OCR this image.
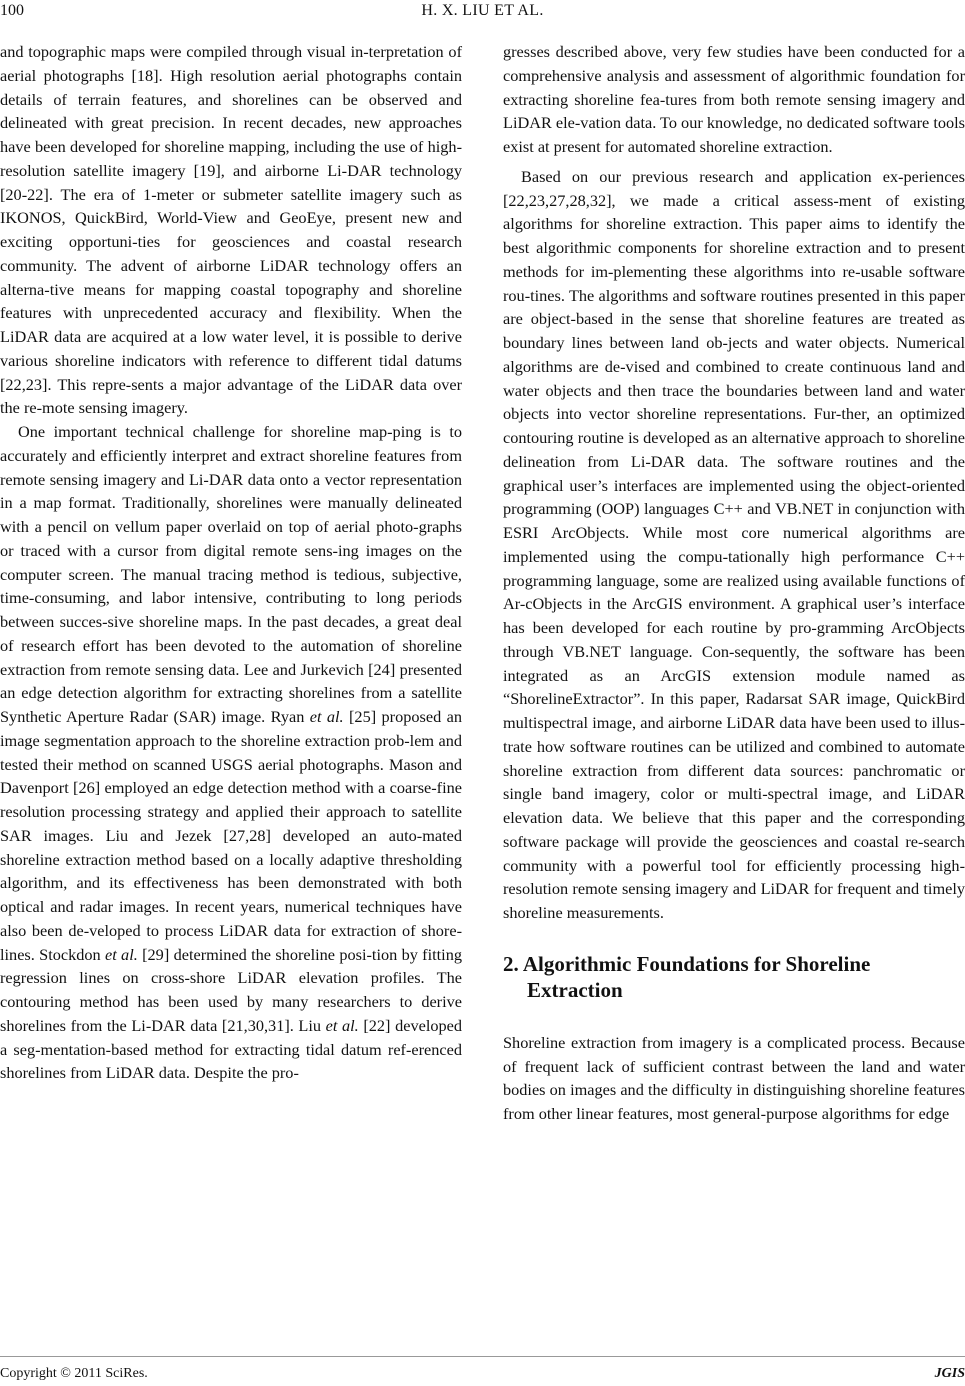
100	H. X. LIU ET AL.

and topographic maps were compiled through visual in-terpretation of aerial photographs [18]. High resolution aerial photographs contain details of terrain features, and shorelines can be observed and delineated with great precision. In recent decades, new approaches have been developed for shoreline mapping, including the use of high-resolution satellite imagery [19], and airborne Li-DAR technology [20-22]. The era of 1-meter or submeter satellite imagery such as IKONOS, QuickBird, World-View and GeoEye, present new and exciting opportuni-ties for geosciences and coastal research community. The advent of airborne LiDAR technology offers an alterna-tive means for mapping coastal topography and shoreline features with unprecedented accuracy and flexibility. When the LiDAR data are acquired at a low water level, it is possible to derive various shoreline indicators with reference to different tidal datums [22,23]. This repre-sents a major advantage of the LiDAR data over the re-mote sensing imagery.

One important technical challenge for shoreline map-ping is to accurately and efficiently interpret and extract shoreline features from remote sensing imagery and Li-DAR data onto a vector representation in a map format. Traditionally, shorelines were manually delineated with a pencil on vellum paper overlaid on top of aerial photo-graphs or traced with a cursor from digital remote sens-ing images on the computer screen. The manual tracing method is tedious, subjective, time-consuming, and labor intensive, contributing to long periods between succes-sive shoreline maps. In the past decades, a great deal of research effort has been devoted to the automation of shoreline extraction from remote sensing data. Lee and Jurkevich [24] presented an edge detection algorithm for extracting shorelines from a satellite Synthetic Aperture Radar (SAR) image. Ryan et al. [25] proposed an image segmentation approach to the shoreline extraction prob-lem and tested their method on scanned USGS aerial photographs. Mason and Davenport [26] employed an edge detection method with a coarse-fine resolution processing strategy and applied their approach to satellite SAR images. Liu and Jezek [27,28] developed an auto-mated shoreline extraction method based on a locally adaptive thresholding algorithm, and its effectiveness has been demonstrated with both optical and radar images. In recent years, numerical techniques have also been de-veloped to process LiDAR data for extraction of shore-lines. Stockdon et al. [29] determined the shoreline posi-tion by fitting regression lines on cross-shore LiDAR elevation profiles. The contouring method has been used by many researchers to derive shorelines from the Li-DAR data [21,30,31]. Liu et al. [22] developed a seg-mentation-based method for extracting tidal datum ref-erenced shorelines from LiDAR data. Despite the pro-

gresses described above, very few studies have been conducted for a comprehensive analysis and assessment of algorithmic foundation for extracting shoreline fea-tures from both remote sensing imagery and LiDAR ele-vation data. To our knowledge, no dedicated software tools exist at present for automated shoreline extraction.

Based on our previous research and application ex-periences [22,23,27,28,32], we made a critical assess-ment of existing algorithms for shoreline extraction. This paper aims to identify the best algorithmic components for shoreline extraction and to present methods for im-plementing these algorithms into re-usable software rou-tines. The algorithms and software routines presented in this paper are object-based in the sense that shoreline features are treated as boundary lines between land ob-jects and water objects. Numerical algorithms are de-vised and combined to create continuous land and water objects and then trace the boundaries between land and water objects into vector shoreline representations. Fur-ther, an optimized contouring routine is developed as an alternative approach to shoreline delineation from Li-DAR data. The software routines and the graphical user’s interfaces are implemented using the object-oriented programming (OOP) languages C++ and VB.NET in conjunction with ESRI ArcObjects. While most core numerical algorithms are implemented using the compu-tationally high performance C++ programming language, some are realized using available functions of Ar-cObjects in the ArcGIS environment. A graphical user’s interface has been developed for each routine by pro-gramming ArcObjects through VB.NET language. Con-sequently, the software has been integrated as an ArcGIS extension module named as “ShorelineExtractor”. In this paper, Radarsat SAR image, QuickBird multispectral image, and airborne LiDAR data have been used to illus-trate how software routines can be utilized and combined to automate shoreline extraction from different data sources: panchromatic or single band imagery, color or multi-spectral image, and LiDAR elevation data. We believe that this paper and the corresponding software package will provide the geosciences and coastal re-search community with a powerful tool for efficiently processing high-resolution remote sensing imagery and LiDAR for frequent and timely shoreline measurements.

2. Algorithmic Foundations for Shoreline Extraction

Shoreline extraction from imagery is a complicated process. Because of frequent lack of sufficient contrast between the land and water bodies on images and the difficulty in distinguishing shoreline features from other linear features, most general-purpose algorithms for edge

Copyright © 2011 SciRes.	JGIS
